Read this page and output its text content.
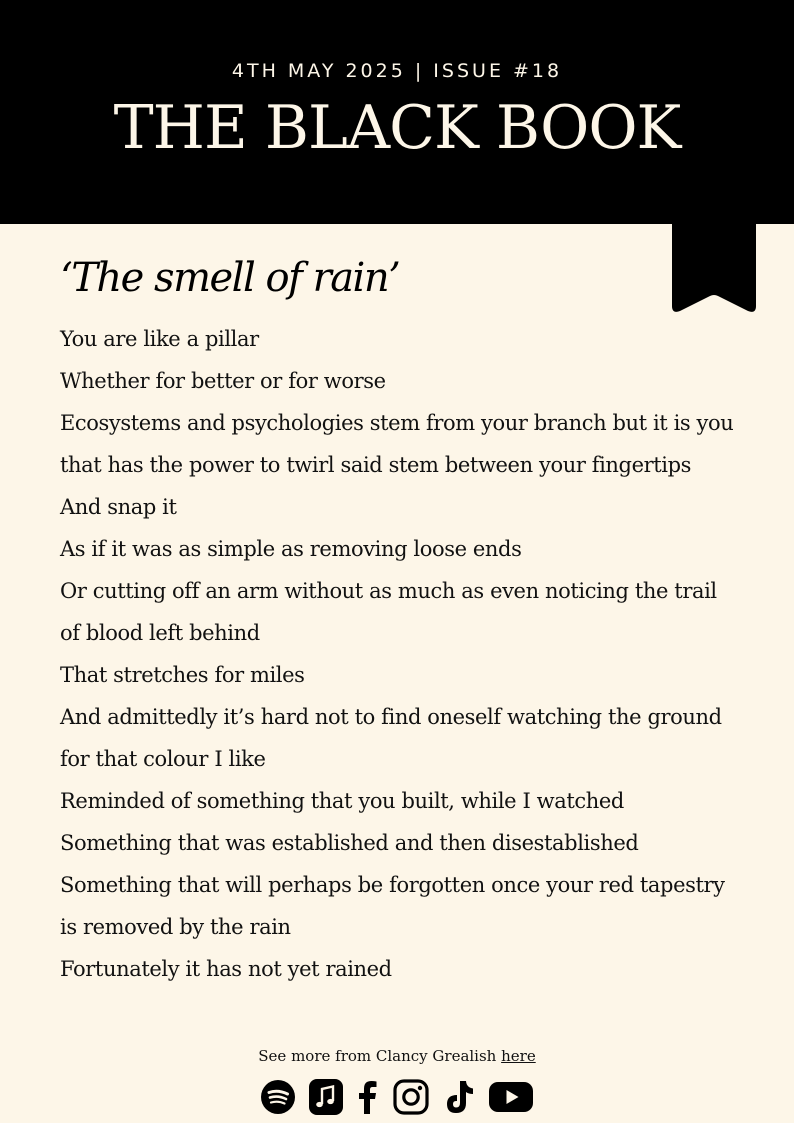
4TH MAY 2025 | ISSUE #18
THE BLACK BOOK
‘The smell of rain’
You are like a pillar
Whether for better or for worse
Ecosystems and psychologies stem from your branch but it is you that has the power to twirl said stem between your fingertips
And snap it
As if it was as simple as removing loose ends
Or cutting off an arm without as much as even noticing the trail of blood left behind
That stretches for miles
And admittedly it’s hard not to find oneself watching the ground for that colour I like
Reminded of something that you built, while I watched
Something that was established and then disestablished
Something that will perhaps be forgotten once your red tapestry is removed by the rain
Fortunately it has not yet rained
See more from Clancy Grealish here
